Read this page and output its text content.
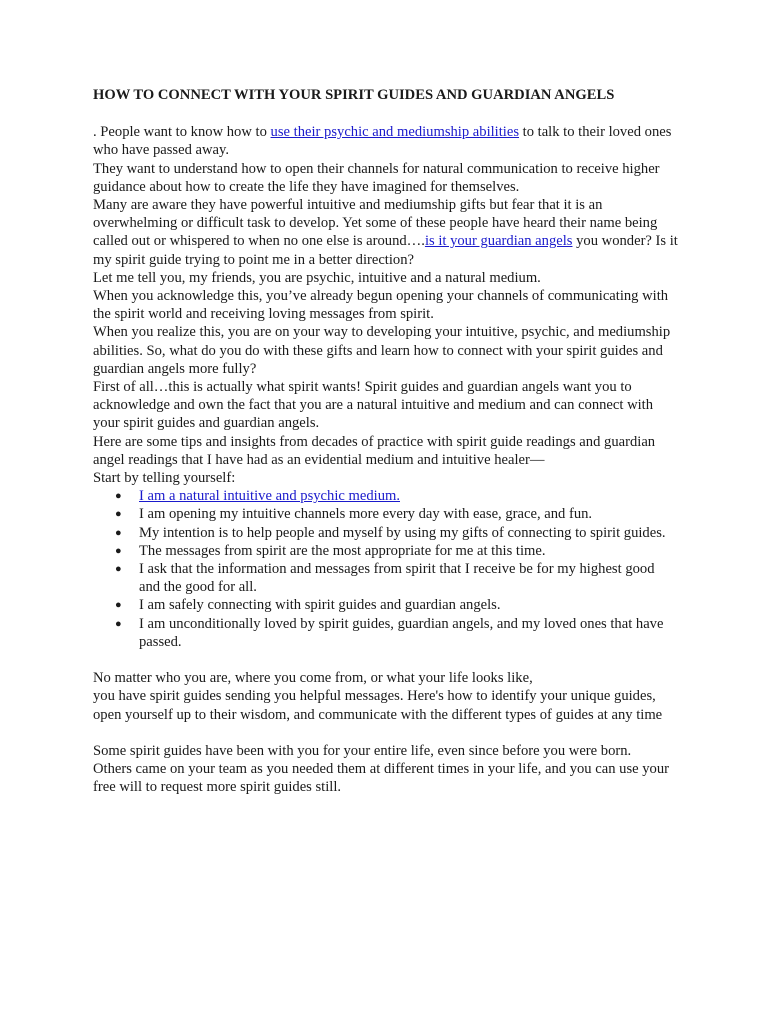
HOW TO CONNECT WITH YOUR SPIRIT GUIDES AND GUARDIAN ANGELS

. People want to know how to use their psychic and mediumship abilities to talk to their loved ones who have passed away.

They want to understand how to open their channels for natural communication to receive higher guidance about how to create the life they have imagined for themselves.

Many are aware they have powerful intuitive and mediumship gifts but fear that it is an overwhelming or difficult task to develop. Yet some of these people have heard their name being called out or whispered to when no one else is around….is it your guardian angels you wonder? Is it my spirit guide trying to point me in a better direction?

Let me tell you, my friends, you are psychic, intuitive and a natural medium.

When you acknowledge this, you’ve already begun opening your channels of communicating with the spirit world and receiving loving messages from spirit.

When you realize this, you are on your way to developing your intuitive, psychic, and mediumship abilities. So, what do you do with these gifts and learn how to connect with your spirit guides and guardian angels more fully?

First of all…this is actually what spirit wants! Spirit guides and guardian angels want you to acknowledge and own the fact that you are a natural intuitive and medium and can connect with your spirit guides and guardian angels.

Here are some tips and insights from decades of practice with spirit guide readings and guardian angel readings that I have had as an evidential medium and intuitive healer—

Start by telling yourself:

● I am a natural intuitive and psychic medium.
● I am opening my intuitive channels more every day with ease, grace, and fun.
● My intention is to help people and myself by using my gifts of connecting to spirit guides.
● The messages from spirit are the most appropriate for me at this time.
● I ask that the information and messages from spirit that I receive be for my highest good and the good for all.
● I am safely connecting with spirit guides and guardian angels.
● I am unconditionally loved by spirit guides, guardian angels, and my loved ones that have passed.

No matter who you are, where you come from, or what your life looks like,
you have spirit guides sending you helpful messages. Here's how to identify your unique guides, open yourself up to their wisdom, and communicate with the different types of guides at any time

Some spirit guides have been with you for your entire life, even since before you were born.

Others came on your team as you needed them at different times in your life, and you can use your free will to request more spirit guides still.
